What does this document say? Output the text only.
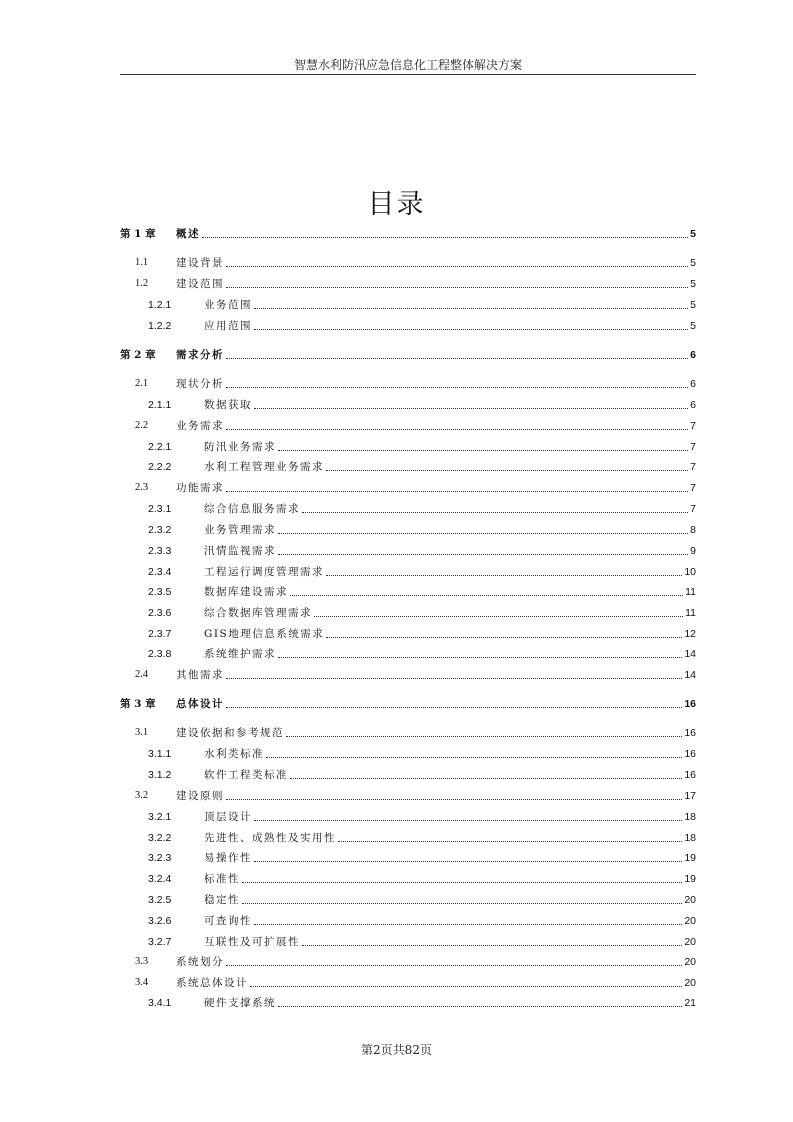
智慧水利防汛应急信息化工程整体解决方案
目录
第 1 章	概述	5
1.1	建设背景	5
1.2	建设范围	5
1.2.1	业务范围	5
1.2.2	应用范围	5
第 2 章	需求分析	6
2.1	现状分析	6
2.1.1	数据获取	6
2.2	业务需求	7
2.2.1	防汛业务需求	7
2.2.2	水利工程管理业务需求	7
2.3	功能需求	7
2.3.1	综合信息服务需求	7
2.3.2	业务管理需求	8
2.3.3	汛情监视需求	9
2.3.4	工程运行调度管理需求	10
2.3.5	数据库建设需求	11
2.3.6	综合数据库管理需求	11
2.3.7	GIS地理信息系统需求	12
2.3.8	系统维护需求	14
2.4	其他需求	14
第 3 章	总体设计	16
3.1	建设依据和参考规范	16
3.1.1	水利类标准	16
3.1.2	软件工程类标准	16
3.2	建设原则	17
3.2.1	顶层设计	18
3.2.2	先进性、成熟性及实用性	18
3.2.3	易操作性	19
3.2.4	标准性	19
3.2.5	稳定性	20
3.2.6	可查询性	20
3.2.7	互联性及可扩展性	20
3.3	系统划分	20
3.4	系统总体设计	20
3.4.1	硬件支撑系统	21
第2页共82页
